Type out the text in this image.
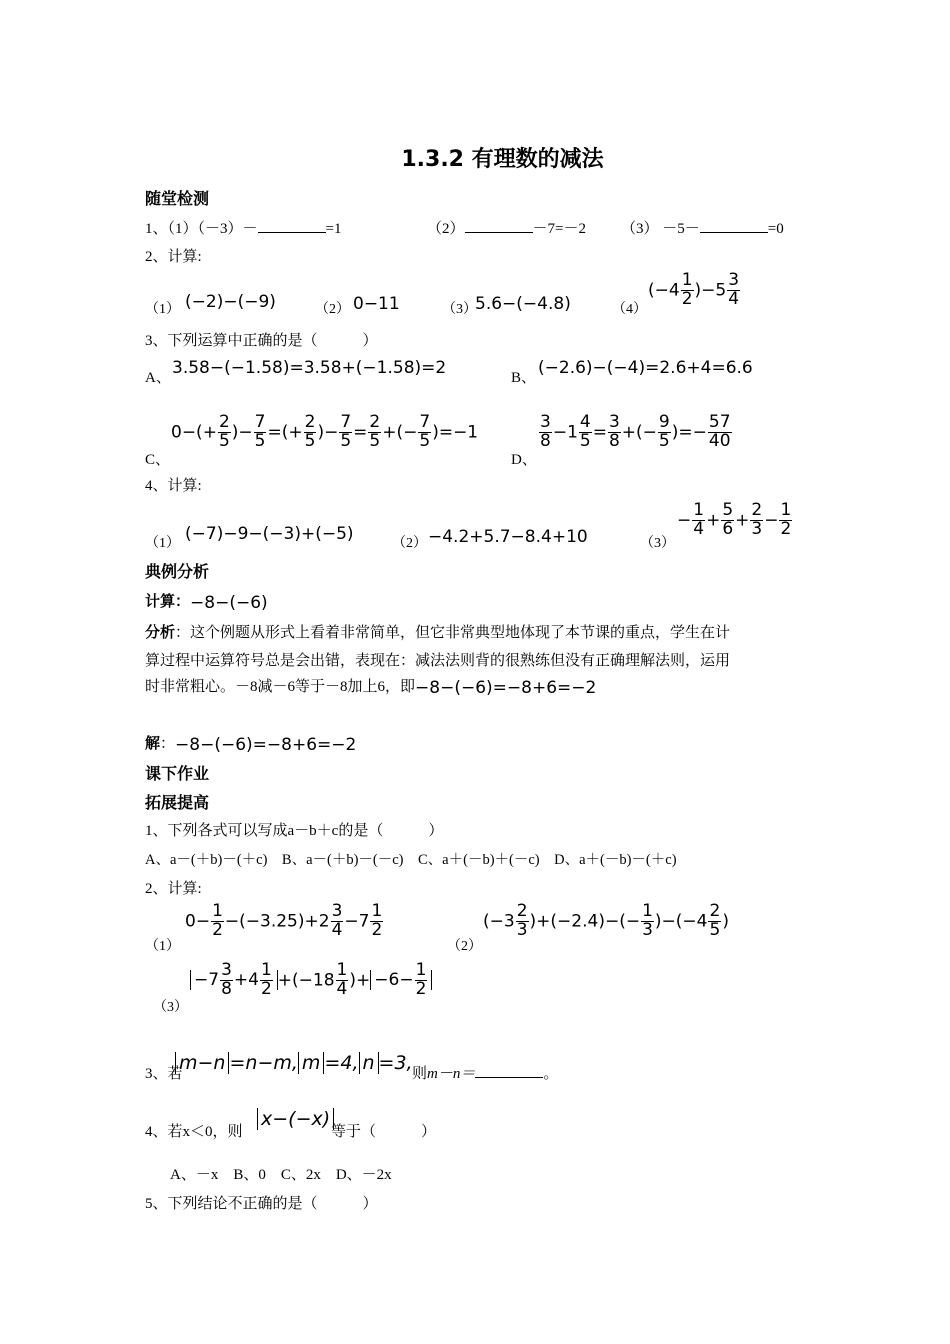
1.3.2 有理数的减法
随堂检测
1、（1）（－3）－	=1	（2）	－7=－2 （3） －5－	=0
2、计算:
（1） (−2)−(−9)	（2） 0−11	（3）
5.6−(−4.8)	（4）
$(-4 \frac{1}{2} )-5 \frac{3}{4}$
3、下列运算中正确的是（　　　）
A、 3.58−(−1.58)=3.58+(−1.58)=2	B、 (−2.6)−(−4)=2.6+4=6.6
C、
$0-(+ \frac{2}{5}$ )− $\frac{7}{5}$ =(+ $\frac{2}{5}$ )− $\frac{7}{5} = \frac{2}{5}$ +(− $\frac{7}{5} )=-1$
D、
$\frac{3}{8} -1 \frac{4}{5} = \frac{3}{8}$ +(− $\frac{9}{5}$ )=− $\frac{57}{40}$
4、计算:
（1） (−7)−9−(−3)+(−5)	（2） −4.2+5.7−8.4+10	（3）
− $\frac{1}{4} + \frac{5}{6} + \frac{2}{3} - \frac{1}{2}$
典例分析
计算：−8−(−6)
分析：这个例题从形式上看着非常简单，但它非常典型地体现了本节课的重点，学生在计
算过程中运算符号总是会出错，表现在：减法法则背的很熟练但没有正确理解法则，运用
时非常粗心。－8减－6等于－8加上6，即−8−(−6)=−8+6=−2
解：−8−(−6)=−8+6=−2
课下作业
拓展提高
1、下列各式可以写成a－b＋c的是（　　　）
A、a－(＋b)－(＋c)　B、a－(＋b)－(－c)　C、a＋(－b)＋(－c)　D、a＋(－b)－(＋c)
2、计算:
（1）
$0- \frac{1}{2} -(-3.25)+2 \frac{3}{4} -7 \frac{1}{2}$
（2）
$(-3 \frac{2}{3} )+(-2.4)-(- \frac{1}{3} )-(-4 \frac{2}{5}$ )
（3）
$-7 \frac{3}{8} +4 \frac{1}{2} +(-18 \frac{1}{4}$ )+ $-6- \frac{1}{2}$
3、若
m−n =n−m, m =4, n =3, 则m－n＝	。
4、若x＜0，则
x−(−x)
等于（　　　）
A、－x　B、0　C、2x　D、－2x
5、下列结论不正确的是（　　　）
